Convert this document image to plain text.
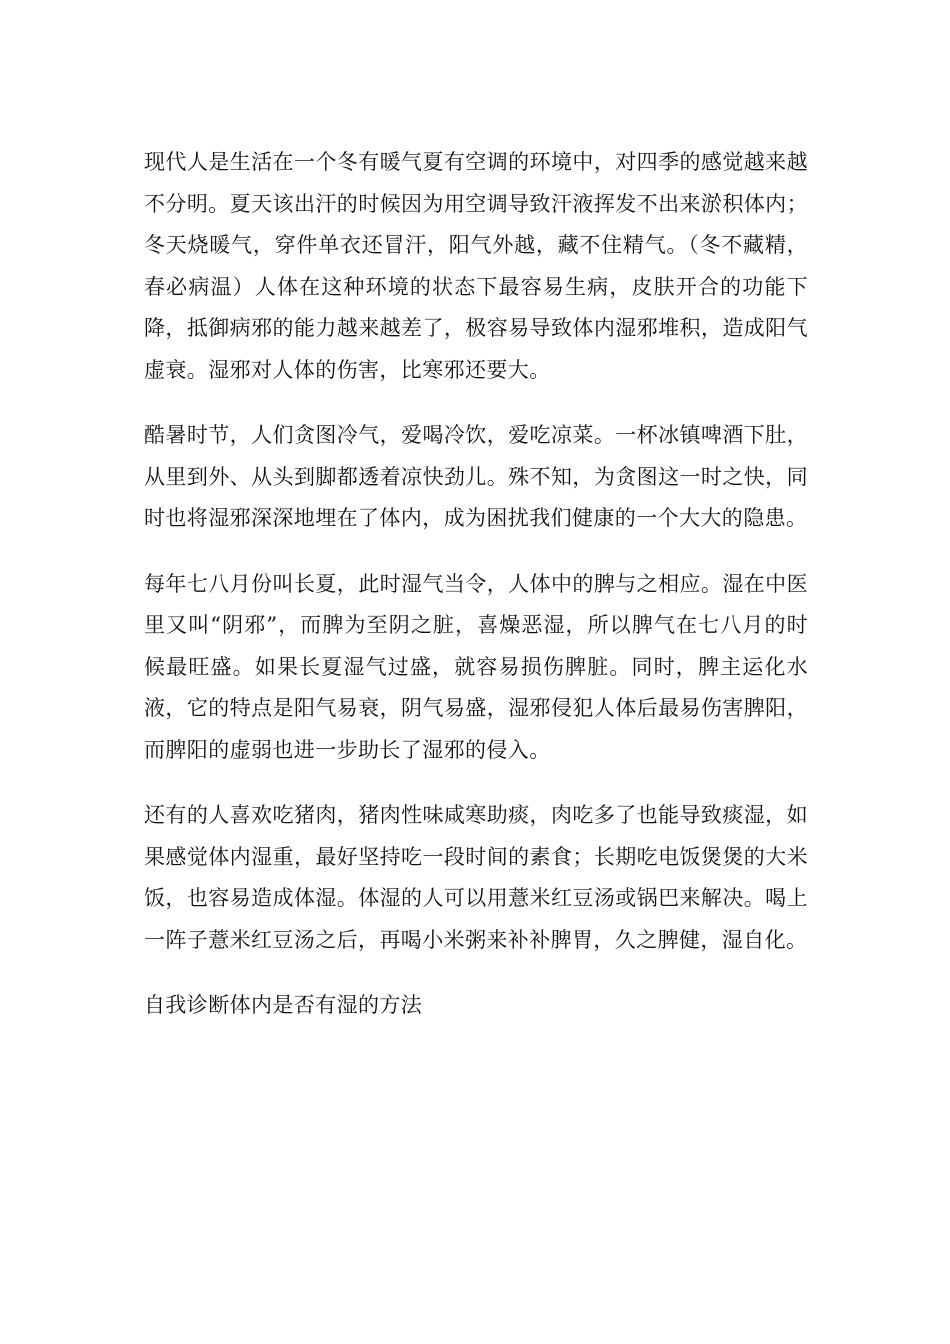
现代人是生活在一个冬有暖气夏有空调的环境中，对四季的感觉越来越不分明。夏天该出汗的时候因为用空调导致汗液挥发不出来淤积体内；冬天烧暖气，穿件单衣还冒汗，阳气外越，藏不住精气。（冬不藏精，春必病温）人体在这种环境的状态下最容易生病，皮肤开合的功能下降，抵御病邪的能力越来越差了，极容易导致体内湿邪堆积，造成阳气虚衰。湿邪对人体的伤害，比寒邪还要大。

酷暑时节，人们贪图冷气，爱喝冷饮，爱吃凉菜。一杯冰镇啤酒下肚，从里到外、从头到脚都透着凉快劲儿。殊不知，为贪图这一时之快，同时也将湿邪深深地埋在了体内，成为困扰我们健康的一个大大的隐患。

每年七八月份叫长夏，此时湿气当令，人体中的脾与之相应。湿在中医里又叫“阴邪”，而脾为至阴之脏，喜燥恶湿，所以脾气在七八月的时候最旺盛。如果长夏湿气过盛，就容易损伤脾脏。同时，脾主运化水液，它的特点是阳气易衰，阴气易盛，湿邪侵犯人体后最易伤害脾阳，而脾阳的虚弱也进一步助长了湿邪的侵入。

还有的人喜欢吃猪肉，猪肉性味咸寒助痰，肉吃多了也能导致痰湿，如果感觉体内湿重，最好坚持吃一段时间的素食；长期吃电饭煲煲的大米饭，也容易造成体湿。体湿的人可以用薏米红豆汤或锅巴来解决。喝上一阵子薏米红豆汤之后，再喝小米粥来补补脾胃，久之脾健，湿自化。

自我诊断体内是否有湿的方法
